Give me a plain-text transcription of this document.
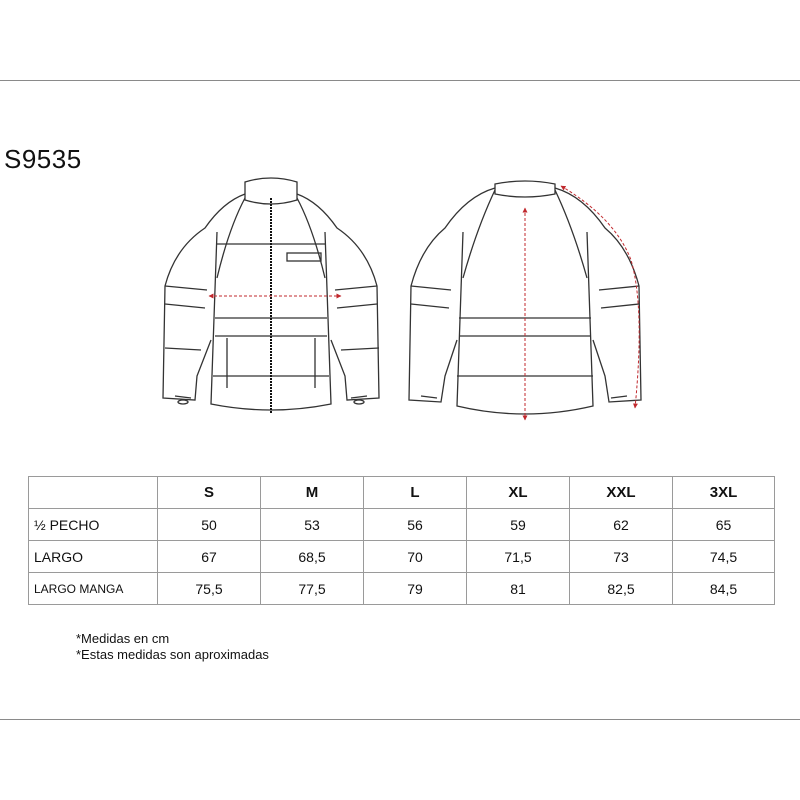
S9535
	S	M	L	XL	XXL	3XL
½ PECHO	50	53	56	59	62	65
LARGO	67	68,5	70	71,5	73	74,5
LARGO MANGA	75,5	77,5	79	81	82,5	84,5
*Medidas en cm
*Estas medidas son aproximadas
